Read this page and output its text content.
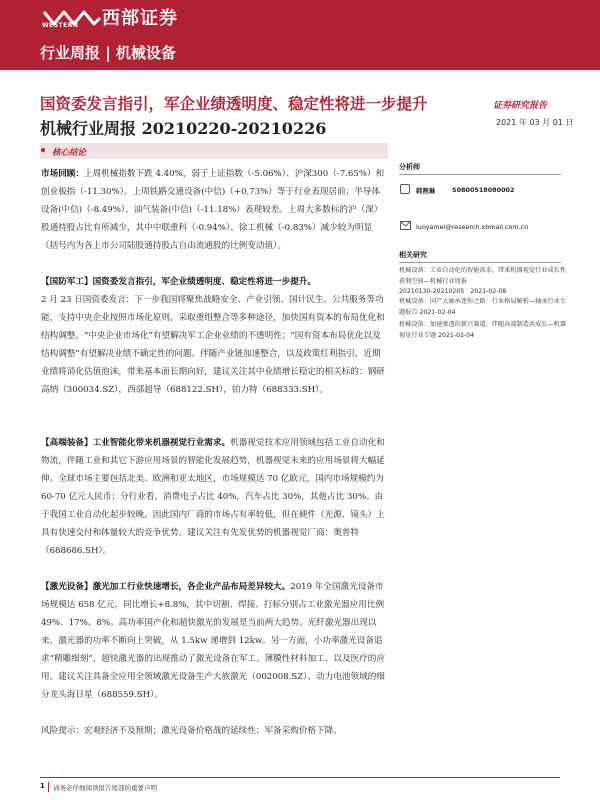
WESTERN 西部证券
行业周报 | 机械设备
国资委发言指引，军企业绩透明度、稳定性将进一步提升	证券研究报告
机械行业周报 20210220-20210226	2021 年 03 月 01 日
核心结论
市场回顾：上周机械指数下跌 4.40%，弱于上证指数（-5.06%）、沪深300（-7.65%）和创业板指（-11.30%）。上周铁路交通设备(中信)（+0.73%）等于行业表现居前；半导体设备(中信)（-8.49%）、油气装备(中信)（-11.18%）表现较差。上周大多数标的沪（深）股通持股占比有所减少，其中中联重科（-0.94%）、徐工机械（-0.83%）减少较为明显（括号内为各上市公司陆股通持股占自由流通股的比例变动值）。
【国防军工】国资委发言指引，军企业绩透明度、稳定性将进一步提升。
2 月 23 日国资委发言：下一步我国将聚焦战略安全、产业引领、国计民生、公共服务等功能，支持中央企业按照市场化原则，采取重组整合等多种途径，加快国有资本的布局优化和结构调整。“中央企业市场化”有望解决军工企业业绩的不透明性；“国有资本布局优化以及结构调整”有望解决业绩不确定性的问题。伴随产业链加速整合，以及政策红利指引，近期业绩将消化估值泡沫，带来基本面长期向好，建议关注其中业绩增长稳定的相关标的：钢研高纳（300034.SZ），西部超导（688122.SH），铂力特（688333.SH）。
【高端装备】工业智能化带来机器视觉行业需求。机器视觉技术应用领域包括工业自动化和物流，伴随工业和其它下游应用场景的智能化发展趋势，机器视觉未来的应用场景将大幅延伸。全球市场主要包括北美、欧洲和亚太地区，市场规模达 70 亿欧元，国内市场规模约为 60-70 亿元人民币；分行业看，消费电子占比 40%，汽车占比 30%，其他占比 30%。由于我国工业自动化起步较晚，因此国内厂商的市场占有率较低，但在硬件（光源、镜头）上具有快速交付和体量较大的竞争优势。建议关注有先发优势的机器视觉厂商：奥普特（688686.SH）。
【激光设备】激光加工行业快速增长，各企业产品布局差异较大。2019 年全国激光设备市场规模达 658 亿元，同比增长+8.8%，其中切割、焊接、打标分别占工业激光器应用比例 49%、17%、8%。高功率国产化和超快激光的发展是当前两大趋势。光纤激光器出现以来，激光器的功率不断向上突破，从 1.5kw 递增到 12kw。另一方面，小功率激光设备追求“精雕细刻”，超快激光器的出现推动了激光设备在军工、薄膜性材料加工、以及医疗的应用。建议关注具备全应用全领域激光设备生产大族激光（002008.SZ）、动力电池领域的细分龙头海目星（688559.SH）。
风险提示：宏观经济不及预期；激光设备价格战的延续性；军备采购价格下降。
分析师
韩煦琳	S0800518080002
luoyamei@research.xbmail.com.cn
相关研究
机械设备：工业自动化的智能需求，带来机器视觉行业成长性获利空间—机械行业周报
20210130-20210205　2021-02-08
机械设备：国产大轴承迷你之路：行业格局解析—轴承行业专题报告 2021-02-04
机械设备：加速渗透的新兴赛道，伴随高端制造共成长—机器视觉行业专题 2021-02-04
1 请务必仔细阅读报告尾部的重要声明
